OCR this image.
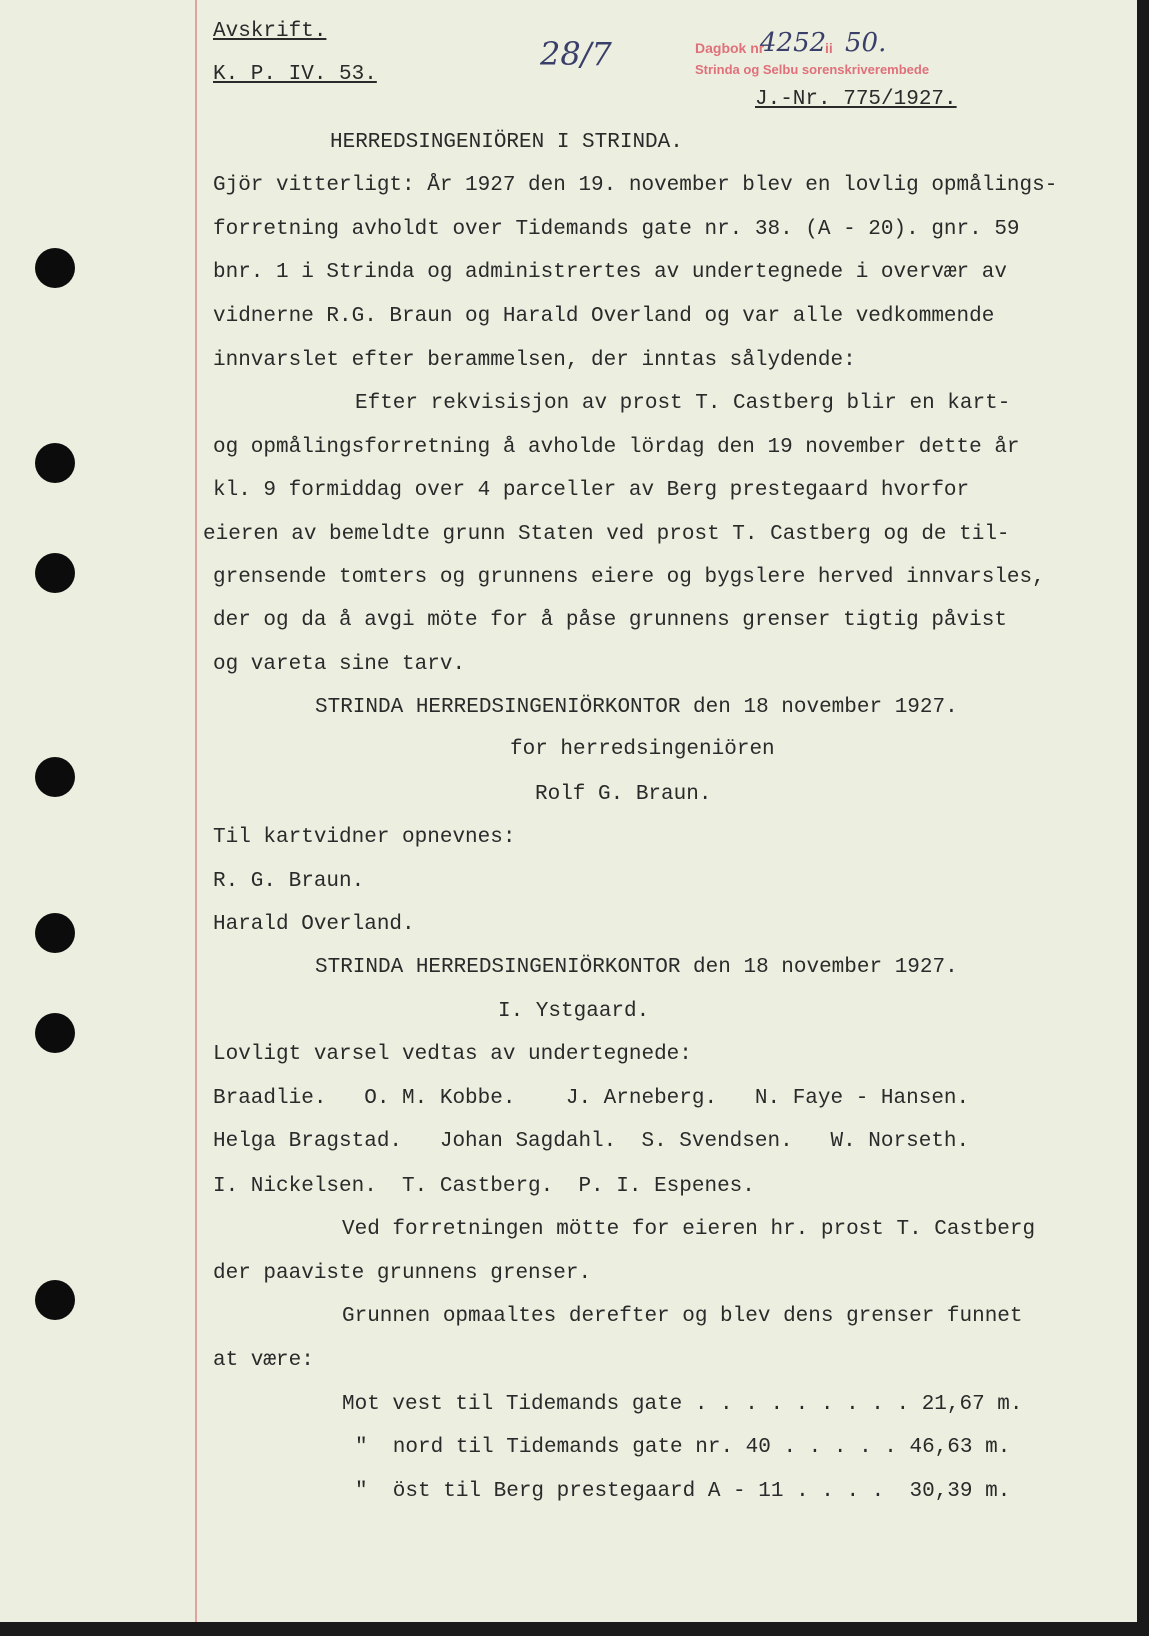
Avskrift.
K. P. IV. 53.
28/7	Dagbok nr
4252
ii 50.
Strinda og Selbu sorenskriverembede
J.-Nr. 775/1927.
HERREDSINGENIÖREN I STRINDA.
Gjör vitterligt: År 1927 den 19. november blev en lovlig opmålings-
forretning avholdt over Tidemands gate nr. 38. (A - 20). gnr. 59
bnr. 1 i Strinda og administrertes av undertegnede i overvær av
vidnerne R.G. Braun og Harald Overland og var alle vedkommende
innvarslet efter berammelsen, der inntas sålydende:
Efter rekvisisjon av prost T. Castberg blir en kart-
og opmålingsforretning å avholde lördag den 19 november dette år
kl. 9 formiddag over 4 parceller av Berg prestegaard hvorfor
eieren av bemeldte grunn Staten ved prost T. Castberg og de til-
grensende tomters og grunnens eiere og bygslere herved innvarsles,
der og da å avgi möte for å påse grunnens grenser tigtig påvist
og vareta sine tarv.
STRINDA HERREDSINGENIÖRKONTOR den 18 november 1927.
for herredsingeniören
Rolf G. Braun.
Til kartvidner opnevnes:
R. G. Braun.
Harald Overland.
STRINDA HERREDSINGENIÖRKONTOR den 18 november 1927.
I. Ystgaard.
Lovligt varsel vedtas av undertegnede:
Braadlie.   O. M. Kobbe.    J. Arneberg.   N. Faye - Hansen.
Helga Bragstad.   Johan Sagdahl.  S. Svendsen.   W. Norseth.
I. Nickelsen.  T. Castberg.  P. I. Espenes.
Ved forretningen mötte for eieren hr. prost T. Castberg
der paaviste grunnens grenser.
Grunnen opmaaltes derefter og blev dens grenser funnet
at være:
Mot vest til Tidemands gate . . . . . . . . . 21,67 m.
"  nord til Tidemands gate nr. 40 . . . . . 46,63 m.
"  öst til Berg prestegaard A - 11 . . . .  30,39 m.
